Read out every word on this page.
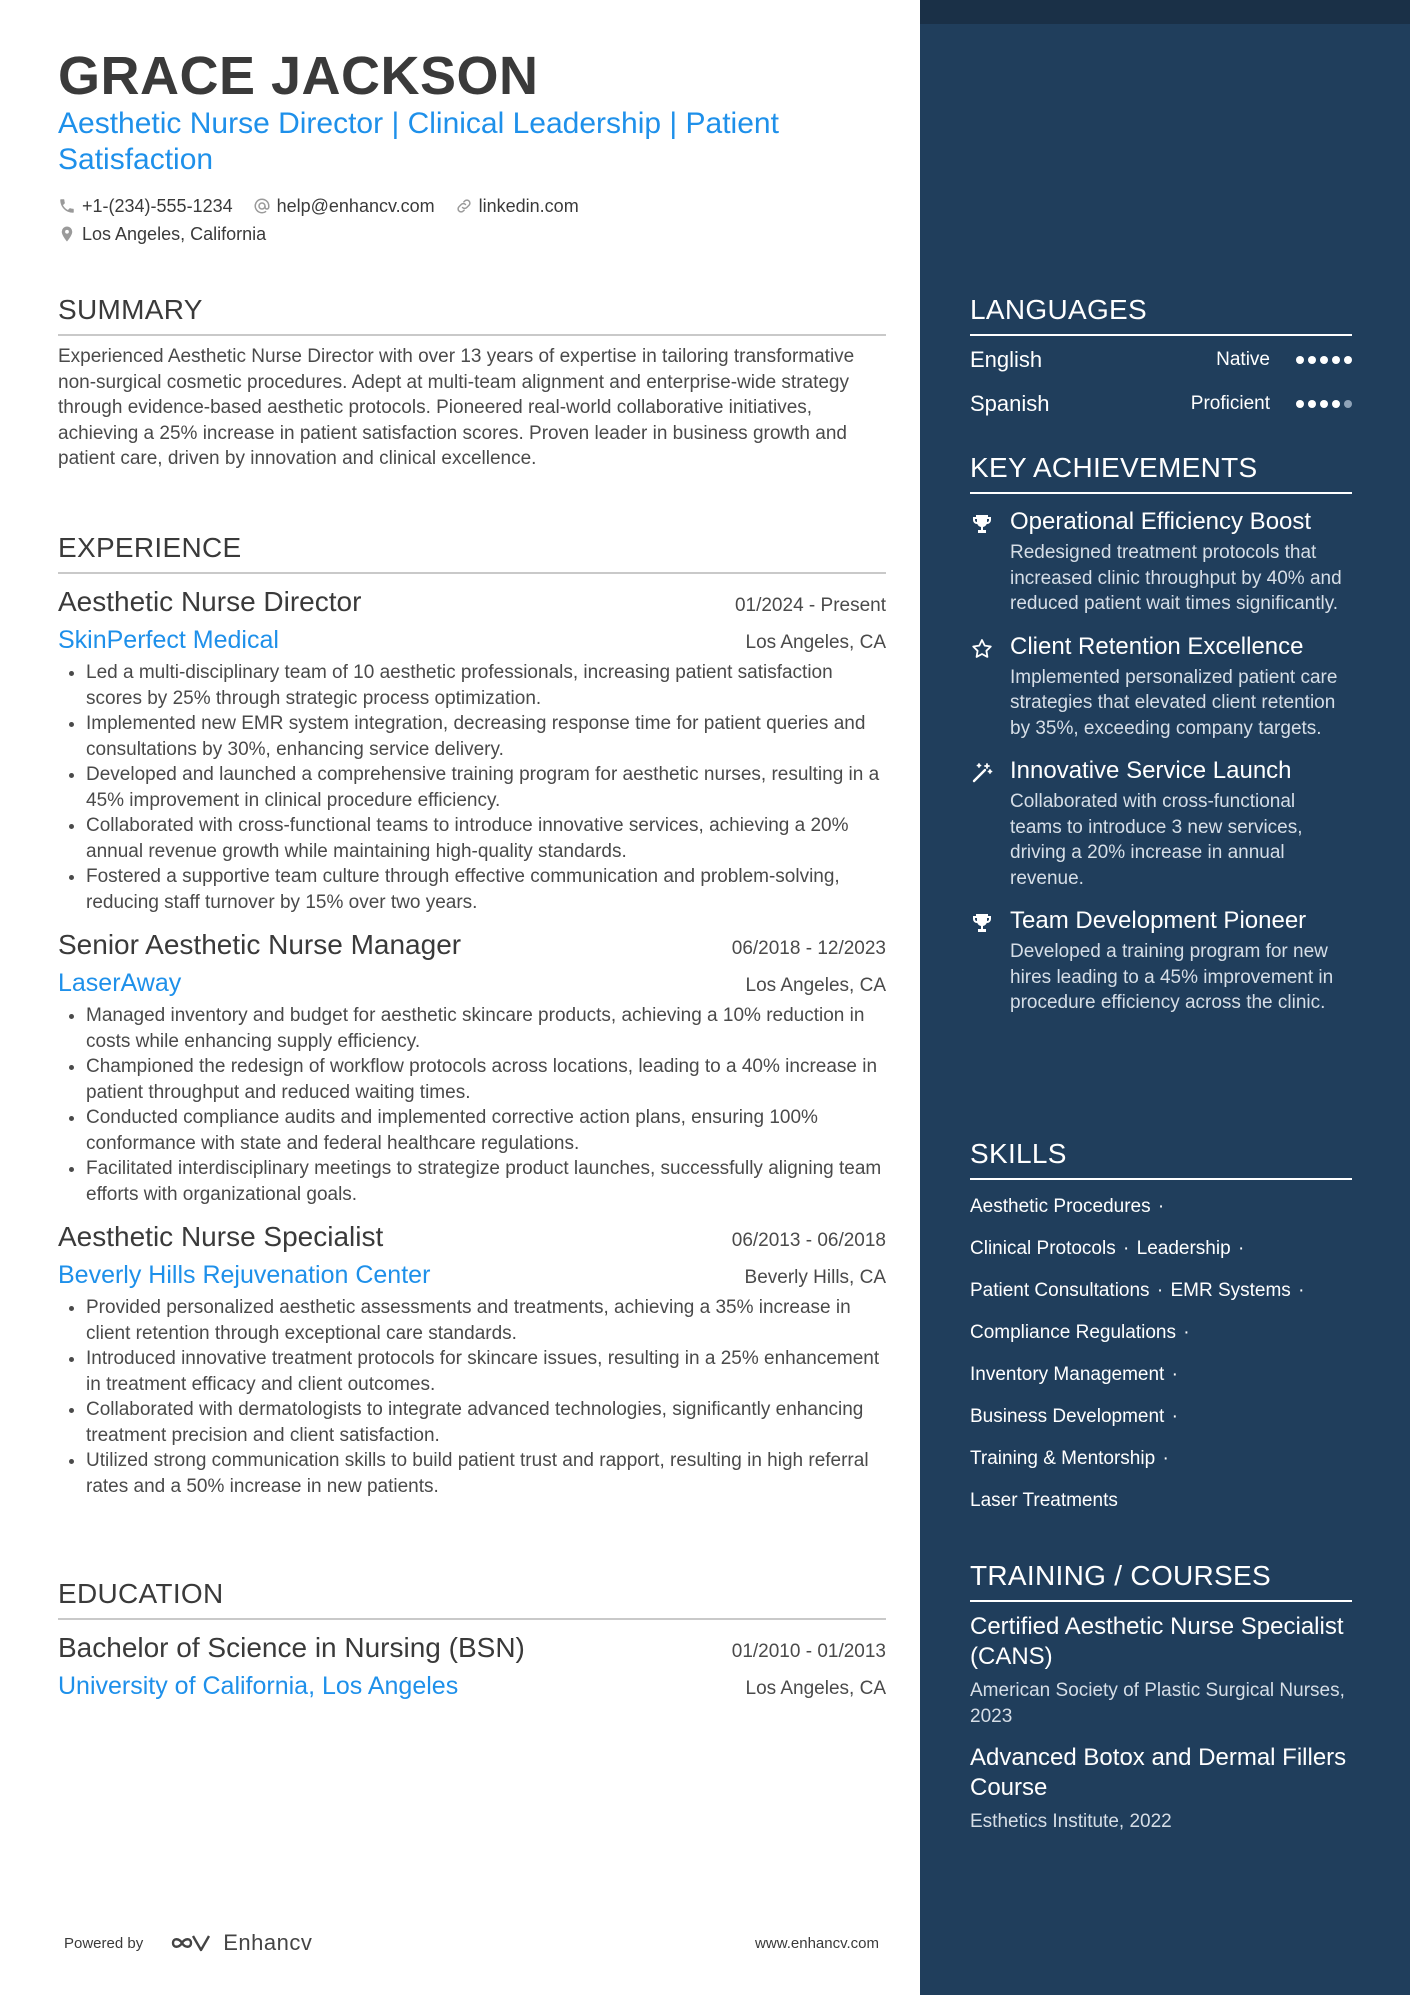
GRACE JACKSON
Aesthetic Nurse Director | Clinical Leadership | Patient Satisfaction
+1-(234)-555-1234 help@enhancv.com linkedin.com
Los Angeles, California
SUMMARY

Experienced Aesthetic Nurse Director with over 13 years of expertise in tailoring transformative non-surgical cosmetic procedures. Adept at multi-team alignment and enterprise-wide strategy through evidence-based aesthetic protocols. Pioneered real-world collaborative initiatives, achieving a 25% increase in patient satisfaction scores. Proven leader in business growth and patient care, driven by innovation and clinical excellence.

EXPERIENCE
Aesthetic Nurse Director	01/2024 - Present
SkinPerfect Medical	Los Angeles, CA
• Led a multi-disciplinary team of 10 aesthetic professionals, increasing patient satisfaction scores by 25% through strategic process optimization.
• Implemented new EMR system integration, decreasing response time for patient queries and consultations by 30%, enhancing service delivery.
• Developed and launched a comprehensive training program for aesthetic nurses, resulting in a 45% improvement in clinical procedure efficiency.
• Collaborated with cross-functional teams to introduce innovative services, achieving a 20% annual revenue growth while maintaining high-quality standards.
• Fostered a supportive team culture through effective communication and problem-solving, reducing staff turnover by 15% over two years.
Senior Aesthetic Nurse Manager	06/2018 - 12/2023
LaserAway	Los Angeles, CA
• Managed inventory and budget for aesthetic skincare products, achieving a 10% reduction in costs while enhancing supply efficiency.
• Championed the redesign of workflow protocols across locations, leading to a 40% increase in patient throughput and reduced waiting times.
• Conducted compliance audits and implemented corrective action plans, ensuring 100% conformance with state and federal healthcare regulations.
• Facilitated interdisciplinary meetings to strategize product launches, successfully aligning team efforts with organizational goals.
Aesthetic Nurse Specialist	06/2013 - 06/2018
Beverly Hills Rejuvenation Center	Beverly Hills, CA
• Provided personalized aesthetic assessments and treatments, achieving a 35% increase in client retention through exceptional care standards.
• Introduced innovative treatment protocols for skincare issues, resulting in a 25% enhancement in treatment efficacy and client outcomes.
• Collaborated with dermatologists to integrate advanced technologies, significantly enhancing treatment precision and client satisfaction.
• Utilized strong communication skills to build patient trust and rapport, resulting in high referral rates and a 50% increase in new patients.
EDUCATION
Bachelor of Science in Nursing (BSN)	01/2010 - 01/2013
University of California, Los Angeles	Los Angeles, CA
Powered by	Enhancv	www.enhancv.com
LANGUAGES
English	Native
Spanish	Proficient
KEY ACHIEVEMENTS
Operational Efficiency Boost
Redesigned treatment protocols that increased clinic throughput by 40% and reduced patient wait times significantly.
Client Retention Excellence
Implemented personalized patient care strategies that elevated client retention by 35%, exceeding company targets.
Innovative Service Launch
Collaborated with cross-functional teams to introduce 3 new services, driving a 20% increase in annual revenue.
Team Development Pioneer
Developed a training program for new hires leading to a 45% improvement in procedure efficiency across the clinic.
SKILLS
Aesthetic Procedures ·
Clinical Protocols · Leadership ·
Patient Consultations · EMR Systems ·
Compliance Regulations ·
Inventory Management ·
Business Development ·
Training & Mentorship ·
Laser Treatments
TRAINING / COURSES
Certified Aesthetic Nurse Specialist (CANS)
American Society of Plastic Surgical Nurses, 2023
Advanced Botox and Dermal Fillers Course
Esthetics Institute, 2022
